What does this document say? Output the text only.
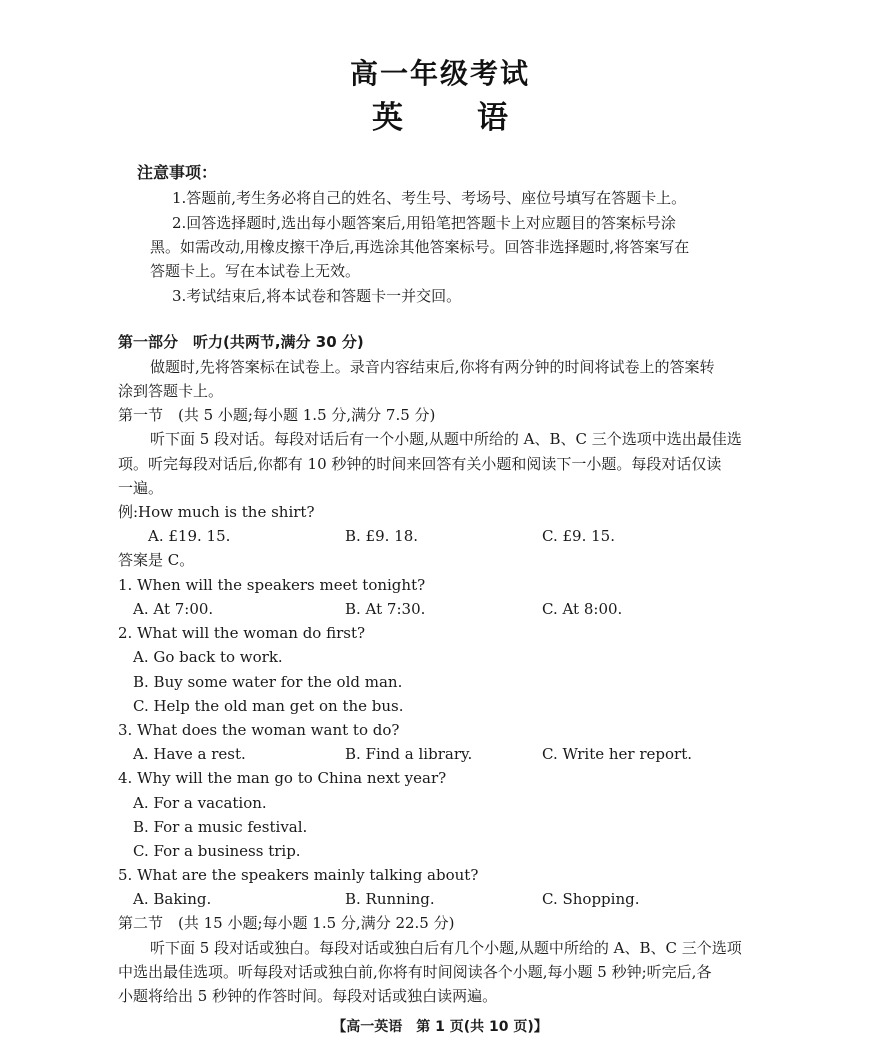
高一年级考试
英 语
注意事项：
1.答题前,考生务必将自己的姓名、考生号、考场号、座位号填写在答题卡上。
2.回答选择题时,选出每小题答案后,用铅笔把答题卡上对应题目的答案标号涂
黑。如需改动,用橡皮擦干净后,再选涂其他答案标号。回答非选择题时,将答案写在
答题卡上。写在本试卷上无效。
3.考试结束后,将本试卷和答题卡一并交回。
第一部分　听力(共两节,满分 30 分)
做题时,先将答案标在试卷上。录音内容结束后,你将有两分钟的时间将试卷上的答案转
涂到答题卡上。
第一节　(共 5 小题;每小题 1.5 分,满分 7.5 分)
听下面 5 段对话。每段对话后有一个小题,从题中所给的 A、B、C 三个选项中选出最佳选
项。听完每段对话后,你都有 10 秒钟的时间来回答有关小题和阅读下一小题。每段对话仅读
一遍。
例:How much is the shirt?
A. £19. 15.	B. £9. 18.	C. £9. 15.
答案是 C。
1. When will the speakers meet tonight?
A. At 7:00.	B. At 7:30.	C. At 8:00.
2. What will the woman do first?
A. Go back to work.
B. Buy some water for the old man.
C. Help the old man get on the bus.
3. What does the woman want to do?
A. Have a rest.	B. Find a library.	C. Write her report.
4. Why will the man go to China next year?
A. For a vacation.
B. For a music festival.
C. For a business trip.
5. What are the speakers mainly talking about?
A. Baking.	B. Running.	C. Shopping.
第二节　(共 15 小题;每小题 1.5 分,满分 22.5 分)
听下面 5 段对话或独白。每段对话或独白后有几个小题,从题中所给的 A、B、C 三个选项
中选出最佳选项。听每段对话或独白前,你将有时间阅读各个小题,每小题 5 秒钟;听完后,各
小题将给出 5 秒钟的作答时间。每段对话或独白读两遍。
【高一英语　第 1 页(共 10 页)】
